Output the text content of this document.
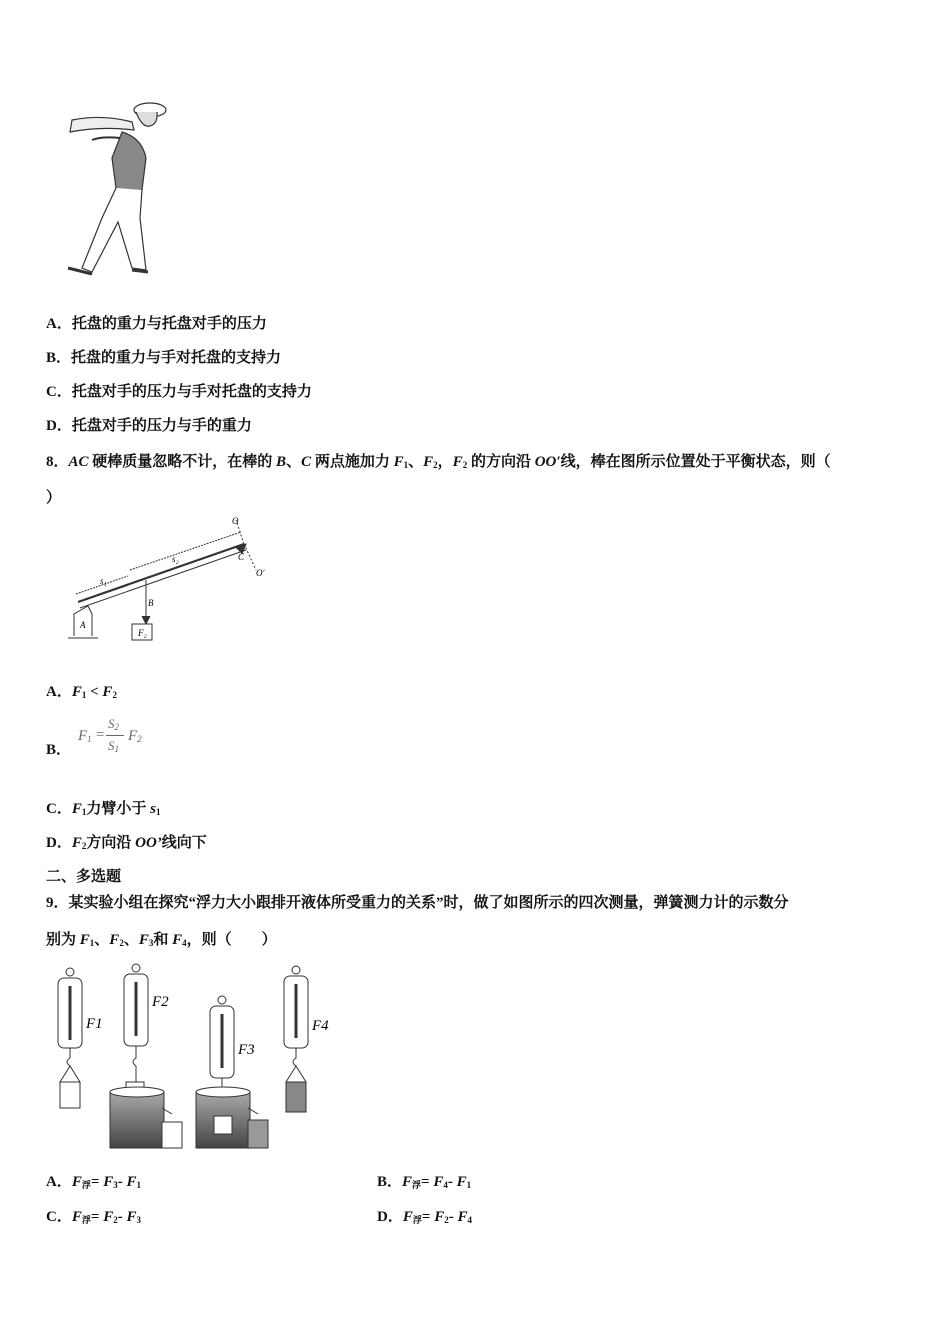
A．托盘的重力与托盘对手的压力
B．托盘的重力与手对托盘的支持力
C．托盘对手的压力与手对托盘的支持力
D．托盘对手的压力与手的重力
8．AC 硬棒质量忽略不计，在棒的 B、C 两点施加力 $F_1$、$F_2$，$F_2$ 的方向沿 OO′线，棒在图所示位置处于平衡状态，则（
）
O
O′
A
B
C
s₁
s₂
F₂
A．$F_1 < F_2$
B．
$F_1$ =
$S_2$
$S_1$
$F_2$
C．$F_1$力臂小于 $s_1$
D．$F_2$方向沿 OO’线向下
二、多选题
9．某实验小组在探究“浮力大小跟排开液体所受重力的关系”时，做了如图所示的四次测量，弹簧测力计的示数分
别为 $F_1$、$F_2$、$F_3$和 $F_4$，则（　　）
F1
F2
F3
F4
A．$F_浮= F_3-$ $F_1$	B．$F_浮= F_4-$ $F_1$
C．$F_浮= F_2-$ $F_3$	D．$F_浮= F_2-$ $F_4$
